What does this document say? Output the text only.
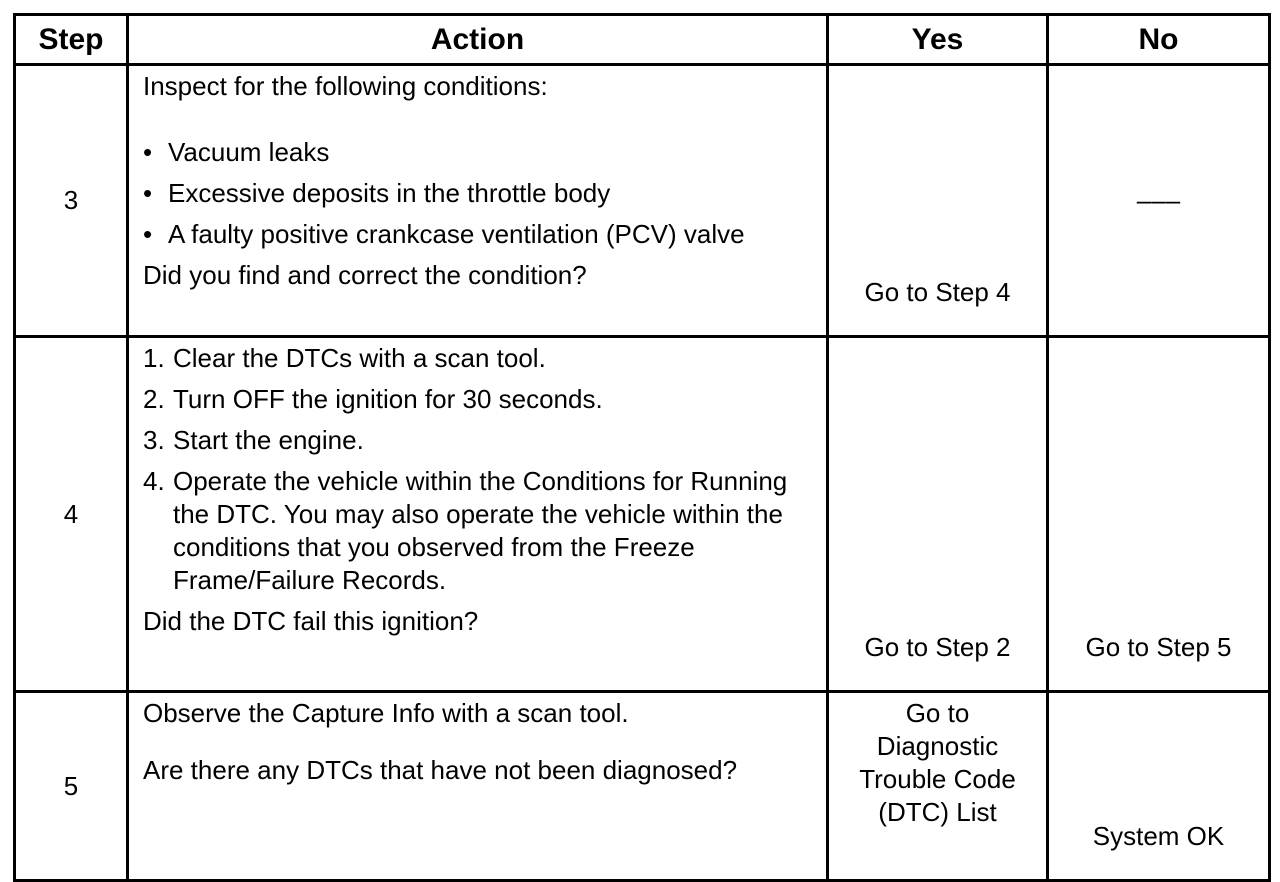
Step	Action	Yes	No
3	Inspect for the following conditions:
• Vacuum leaks
• Excessive deposits in the throttle body
• A faulty positive crankcase ventilation (PCV) valve
Did you find and correct the condition?	Go to Step 4	–––
4	1. Clear the DTCs with a scan tool.
2. Turn OFF the ignition for 30 seconds.
3. Start the engine.
4. Operate the vehicle within the Conditions for Running the DTC. You may also operate the vehicle within the conditions that you observed from the Freeze Frame/Failure Records.
Did the DTC fail this ignition?	Go to Step 2	Go to Step 5
5	Observe the Capture Info with a scan tool.
Are there any DTCs that have not been diagnosed?	Go to Diagnostic Trouble Code (DTC) List	System OK
